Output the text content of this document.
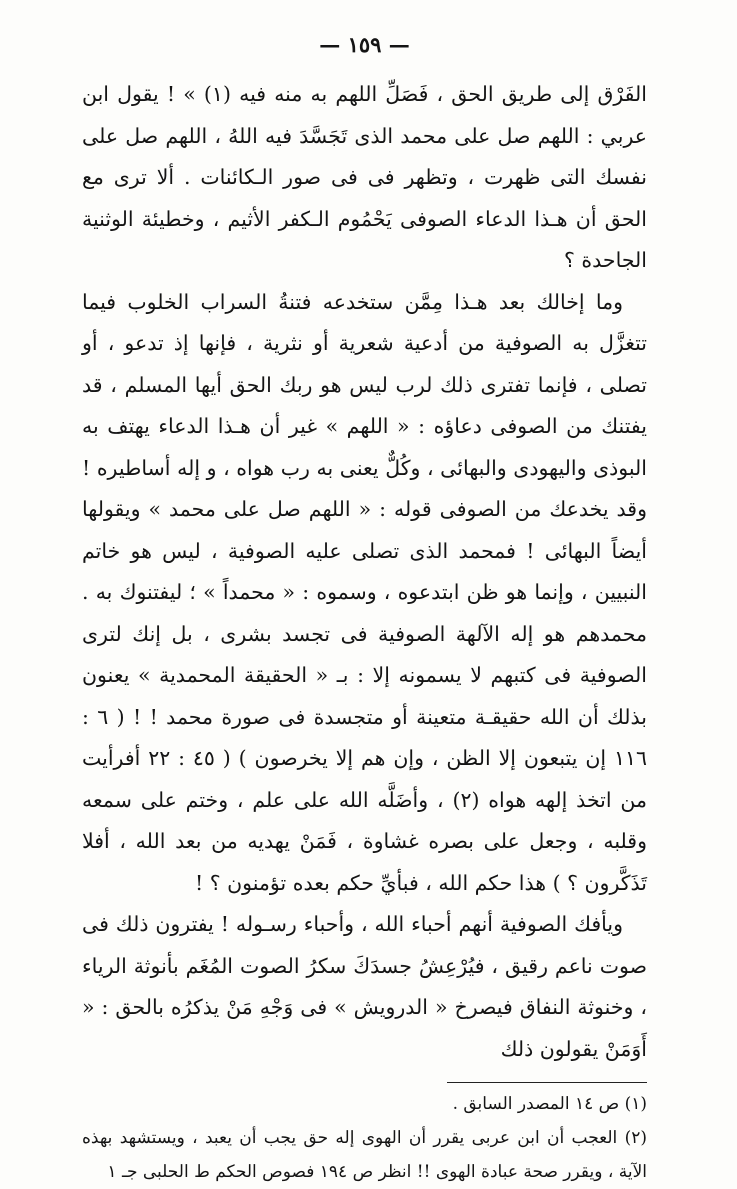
— ١٥٩ —

الفَرْق إلى طريق الحق ، فَصَلِّ اللهم به منه فيه (١) » ! يقول ابن عربي : اللهم صل على محمد الذى تَجَسَّدَ فيه اللهُ ، اللهم صل على نفسك التى ظهرت ، وتظهر فى فى صور الـكائنات . ألا ترى مع الحق أن هـذا الدعاء الصوفى يَحْمُوم الـكفر الأثيم ، وخطيئة الوثنية الجاحدة ؟

وما إخالك بعد هـذا مِمَّن ستخدعه فتنةُ السراب الخلوب فيما تتغزَّل به الصوفية من أدعية شعرية أو نثرية ، فإنها إذ تدعو ، أو تصلى ، فإنما تفترى ذلك لرب ليس هو ربك الحق أيها المسلم ، قد يفتنك من الصوفى دعاؤه : « اللهم » غير أن هـذا الدعاء يهتف به البوذى واليهودى والبهائى ، وكُلٌّ يعنى به رب هواه ، و إله أساطيره ! وقد يخدعك من الصوفى قوله : « اللهم صل على محمد » ويقولها أيضاً البهائى ! فمحمد الذى تصلى عليه الصوفية ، ليس هو خاتم النبيين ، وإنما هو ظن ابتدعوه ، وسموه : « محمداً » ؛ ليفتنوك به . محمدهم هو إله الآلهة الصوفية فى تجسد بشرى ، بل إنك لترى الصوفية فى كتبهم لا يسمونه إلا : بـ « الحقيقة المحمدية » يعنون بذلك أن الله حقيقـة متعينة أو متجسدة فى صورة محمد ! ! ( ٦ : ١١٦ إن يتبعون إلا الظن ، وإن هم إلا يخرصون ) ( ٤٥ : ٢٢ أفرأيت من اتخذ إلهه هواه (٢) ، وأضَلَّه الله على علم ، وختم على سمعه وقلبه ، وجعل على بصره غشاوة ، فَمَنْ يهديه من بعد الله ، أفلا تَذَكَّرون ؟ ) هذا حكم الله ، فبأيِّ حكم بعده تؤمنون ؟ !

ويأفك الصوفية أنهم أحباء الله ، وأحباء رسـوله ! يفترون ذلك فى صوت ناعم رقيق ، فيُرْعِشُ جسدَكَ سكرُ الصوت المُغَم بأنوثة الرياء ، وخنوثة النفاق فيصرخ « الدرويش » فى وَجْهِ مَنْ يذكرُه بالحق : « أَوَمَنْ يقولون ذلك

(١) ص ١٤ المصدر السابق .

(٢) العجب أن ابن عربى يقرر أن الهوى إله حق يجب أن يعبد ، ويستشهد بهذه الآية ، ويقرر صحة عبادة الهوى !! انظر ص ١٩٤ فصوص الحكم ط الحلبى جـ ١
